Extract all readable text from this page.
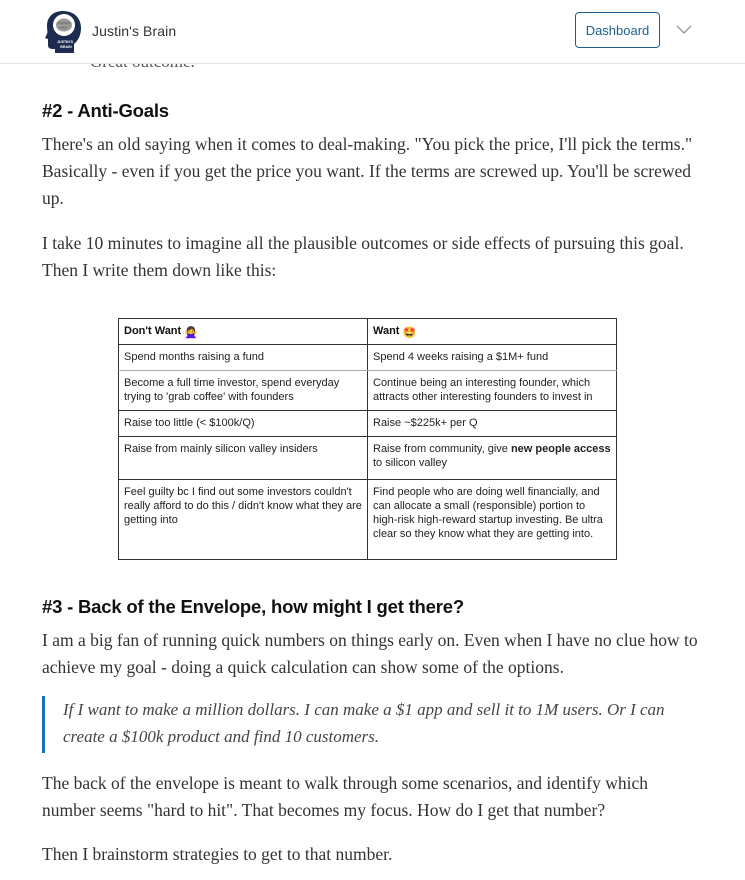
JUSTIN'S
BRAIN
Justin's Brain	Dashboard
#2 - Anti-Goals

There's an old saying when it comes to deal-making. "You pick the price, I'll pick the terms." Basically - even if you get the price you want. If the terms are screwed up. You'll be screwed up.

I take 10 minutes to imagine all the plausible outcomes or side effects of pursuing this goal. Then I write them down like this:

Don't Want 🙅‍♀️	Want 🤩
Spend months raising a fund	Spend 4 weeks raising a $1M+ fund
Become a full time investor, spend everyday trying to 'grab coffee' with founders	Continue being an interesting founder, which attracts other interesting founders to invest in
Raise too little (< $100k/Q)	Raise ~$225k+ per Q
Raise from mainly silicon valley insiders	Raise from community, give new people access to silicon valley
Feel guilty bc I find out some investors couldn't really afford to do this / didn't know what they are getting into	Find people who are doing well financially, and can allocate a small (responsible) portion to high-risk high-reward startup investing. Be ultra clear so they know what they are getting into.
#3 - Back of the Envelope, how might I get there?

I am a big fan of running quick numbers on things early on. Even when I have no clue how to achieve my goal - doing a quick calculation can show some of the options.

If I want to make a million dollars. I can make a $1 app and sell it to 1M users. Or I can create a $100k product and find 10 customers.

The back of the envelope is meant to walk through some scenarios, and identify which number seems "hard to hit". That becomes my focus. How do I get that number?

Then I brainstorm strategies to get to that number.
